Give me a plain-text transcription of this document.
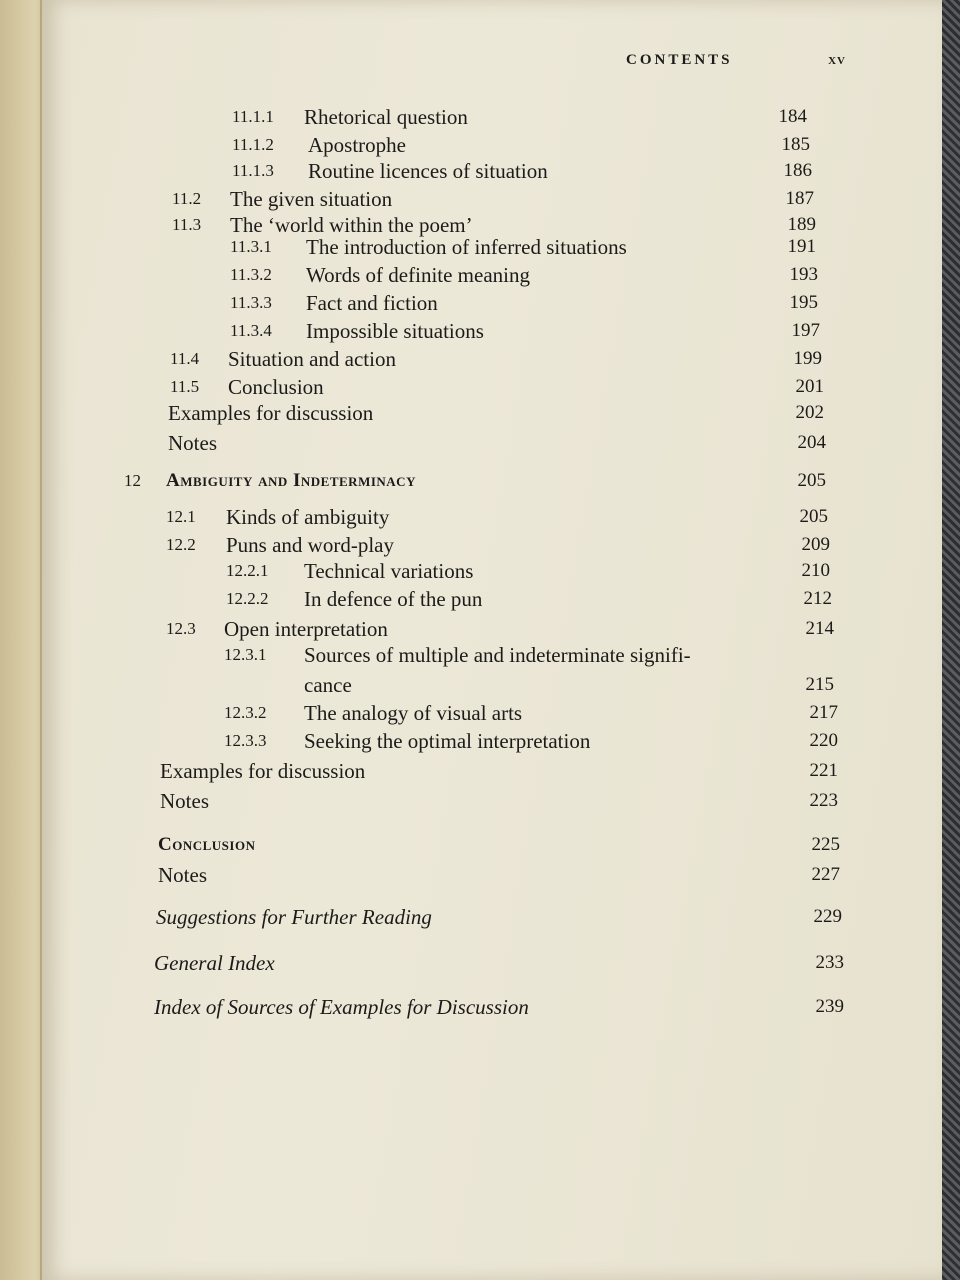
CONTENTS	xv
11.1.1 Rhetorical question	184
11.1.2 Apostrophe	185
11.1.3 Routine licences of situation	186
11.2 The given situation	187
11.3 The ‘world within the poem’	189
11.3.1 The introduction of inferred situations	191
11.3.2 Words of definite meaning	193
11.3.3 Fact and fiction	195
11.3.4 Impossible situations	197
11.4 Situation and action	199
11.5 Conclusion	201
Examples for discussion	202
Notes	204
12 Ambiguity and Indeterminacy	205
12.1 Kinds of ambiguity	205
12.2 Puns and word-play	209
12.2.1 Technical variations	210
12.2.2 In defence of the pun	212
12.3 Open interpretation	214
12.3.1 Sources of multiple and indeterminate signifi-
cance	215
12.3.2 The analogy of visual arts	217
12.3.3 Seeking the optimal interpretation	220
Examples for discussion	221
Notes	223
Conclusion	225
Notes	227
Suggestions for Further Reading	229
General Index	233
Index of Sources of Examples for Discussion	239
